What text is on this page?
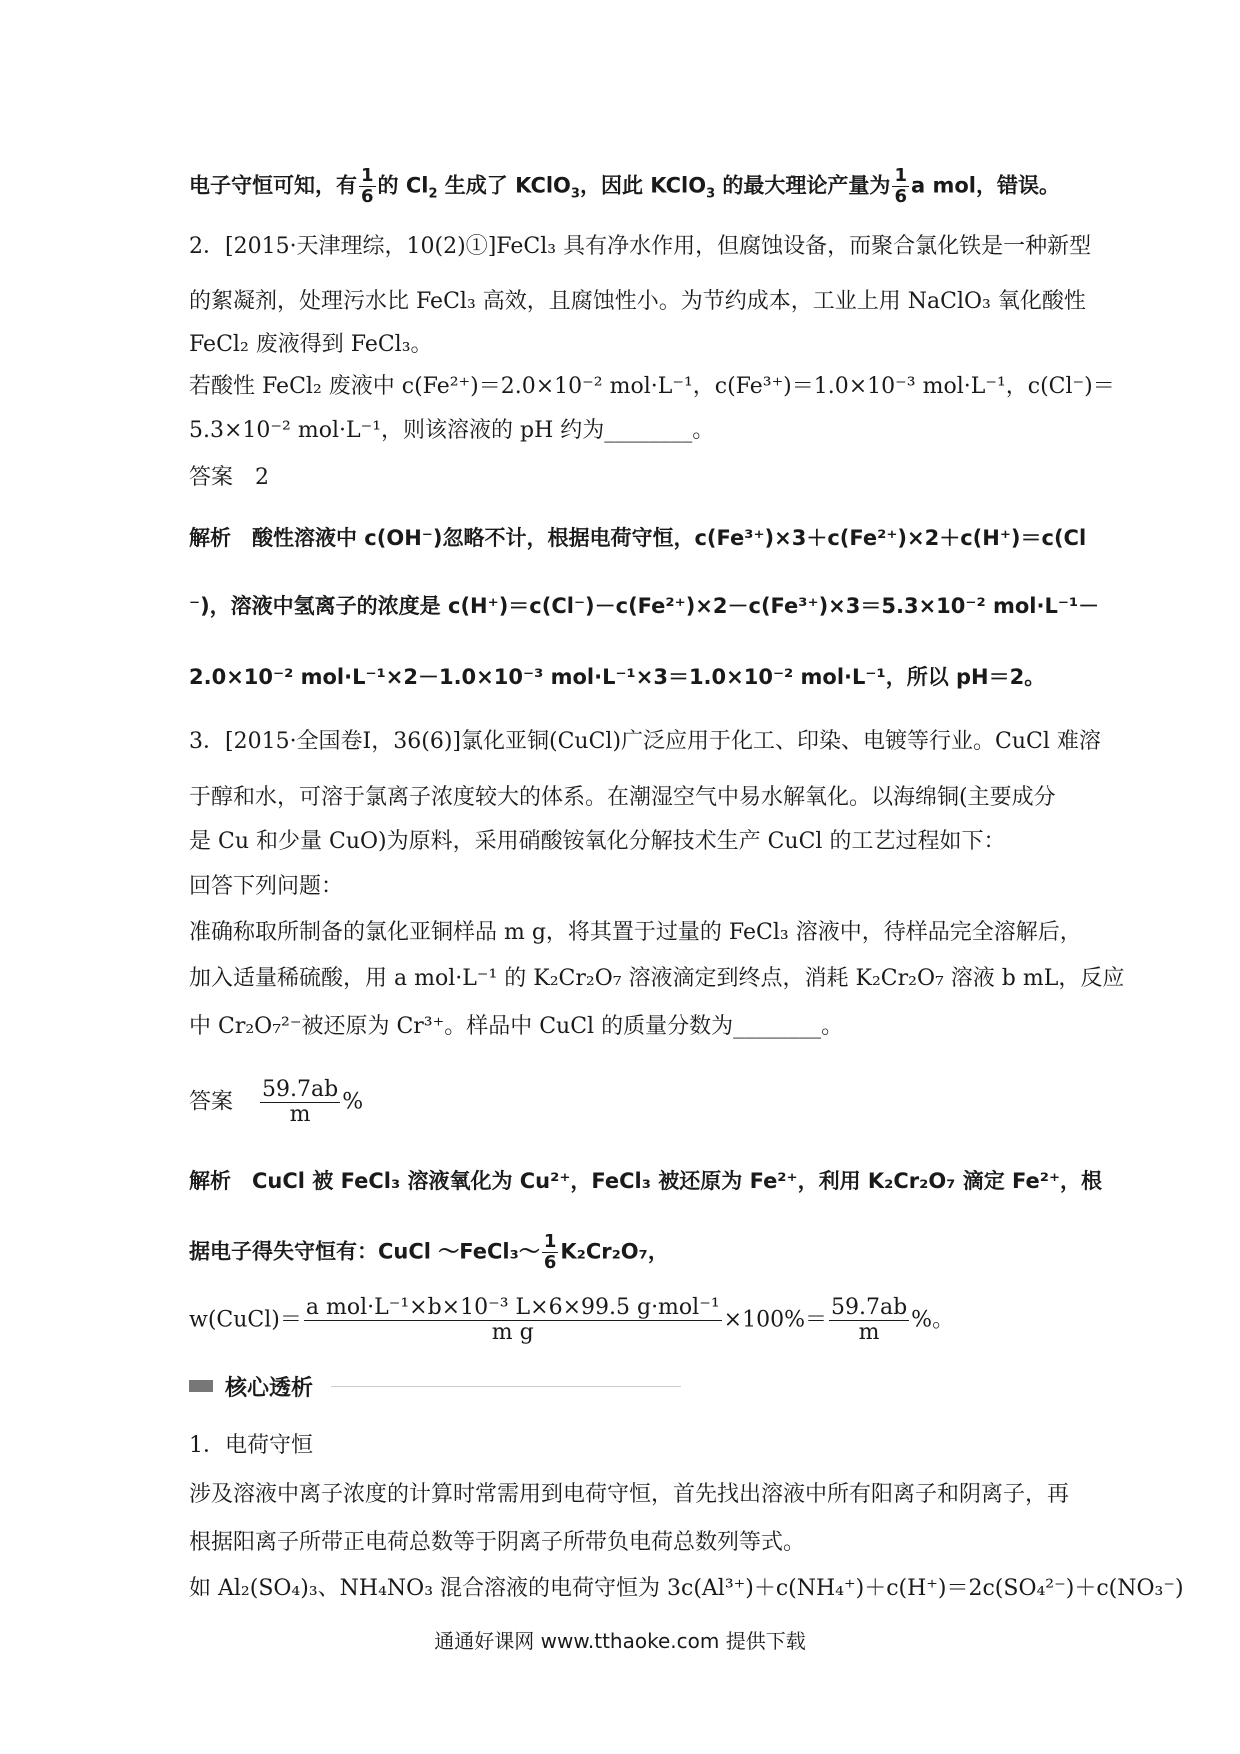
电子守恒可知，有 $\frac{1}{6}$ 的 $Cl_2$ 生成了 KClO$_3$，因此 KClO$_3$ 的最大理论产量为 $\frac{1}{6}$ a mol，错误。
2．[2015·天津理综，10(2)①]FeCl₃ 具有净水作用，但腐蚀设备，而聚合氯化铁是一种新型
的絮凝剂，处理污水比 FeCl₃ 高效，且腐蚀性小。为节约成本，工业上用 NaClO₃ 氧化酸性
FeCl₂ 废液得到 FeCl₃。
若酸性 FeCl₂ 废液中 c(Fe²⁺)＝2.0×10⁻² mol·L⁻¹，c(Fe³⁺)＝1.0×10⁻³ mol·L⁻¹，c(Cl⁻)＝
5.3×10⁻² mol·L⁻¹，则该溶液的 pH 约为________。
答案　2
解析　酸性溶液中 c(OH⁻)忽略不计，根据电荷守恒，c(Fe³⁺)×3＋c(Fe²⁺)×2＋c(H⁺)＝c(Cl
⁻)，溶液中氢离子的浓度是 c(H⁺)＝c(Cl⁻)－c(Fe²⁺)×2－c(Fe³⁺)×3＝5.3×10⁻² mol·L⁻¹－
2.0×10⁻² mol·L⁻¹×2－1.0×10⁻³ mol·L⁻¹×3＝1.0×10⁻² mol·L⁻¹，所以 pH＝2。
3．[2015·全国卷Ⅰ，36(6)]氯化亚铜(CuCl)广泛应用于化工、印染、电镀等行业。CuCl 难溶
于醇和水，可溶于氯离子浓度较大的体系。在潮湿空气中易水解氧化。以海绵铜(主要成分
是 Cu 和少量 CuO)为原料，采用硝酸铵氧化分解技术生产 CuCl 的工艺过程如下：
回答下列问题：
准确称取所制备的氯化亚铜样品 m g，将其置于过量的 FeCl₃ 溶液中，待样品完全溶解后，
加入适量稀硫酸，用 a mol·L⁻¹ 的 K₂Cr₂O₇ 溶液滴定到终点，消耗 K₂Cr₂O₇ 溶液 b mL，反应
中 Cr₂O₇²⁻被还原为 Cr³⁺。样品中 CuCl 的质量分数为________。
答案 $\frac{59.7ab}{m}$ %
解析　CuCl 被 FeCl₃ 溶液氧化为 Cu²⁺，FeCl₃ 被还原为 Fe²⁺，利用 K₂Cr₂O₇ 滴定 Fe²⁺，根
据电子得失守恒有：CuCl ～FeCl₃～ $\frac{1}{6} K_2Cr_2O_7$，
w(CuCl)＝ $\frac{\text{a mol·L⁻¹×b×10⁻³ L×6×99.5 g·mol⁻¹}}{\text{m g}} \times 100\%= \frac{59.7ab}{m}$ %。
核心透析
1．电荷守恒
涉及溶液中离子浓度的计算时常需用到电荷守恒，首先找出溶液中所有阳离子和阴离子，再
根据阳离子所带正电荷总数等于阴离子所带负电荷总数列等式。
如 Al₂(SO₄)₃、NH₄NO₃ 混合溶液的电荷守恒为 3c(Al³⁺)＋c(NH₄⁺)＋c(H⁺)＝2c(SO₄²⁻)＋c(NO₃⁻)
通通好课网 www.tthaoke.com 提供下载
